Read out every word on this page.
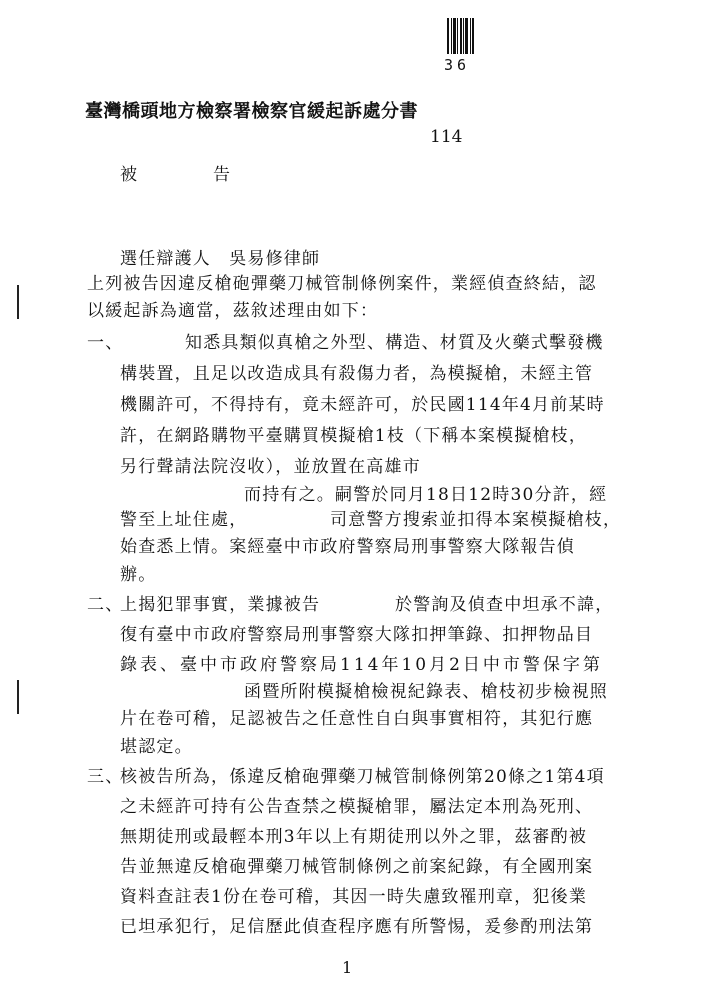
36
臺灣橋頭地方檢察署檢察官緩起訴處分書
114
被　　告
選任辯護人　吳易修律師
上列被告因違反槍砲彈藥刀械管制條例案件，業經偵查終結，認
以緩起訴為適當，茲敘述理由如下：
一、	知悉具類似真槍之外型、構造、材質及火藥式擊發機
構裝置，且足以改造成具有殺傷力者，為模擬槍，未經主管
機關許可，不得持有，竟未經許可，於民國114年4月前某時
許，在網路購物平臺購買模擬槍1枝（下稱本案模擬槍枝，
另行聲請法院沒收），並放置在高雄市
而持有之。嗣警於同月18日12時30分許，經
警至上址住處，	司意警方搜索並扣得本案模擬槍枝，
始查悉上情。案經臺中市政府警察局刑事警察大隊報告偵
辦。
二、
上揭犯罪事實，業據被告	於警詢及偵查中坦承不諱，
復有臺中市政府警察局刑事警察大隊扣押筆錄、扣押物品目
錄表、臺中市政府警察局114年10月2日中市警保字第
函暨所附模擬槍檢視紀錄表、槍枝初步檢視照
片在卷可稽，足認被告之任意性自白與事實相符，其犯行應
堪認定。
三、
核被告所為，係違反槍砲彈藥刀械管制條例第20條之1第4項
之未經許可持有公告查禁之模擬槍罪，屬法定本刑為死刑、
無期徒刑或最輕本刑3年以上有期徒刑以外之罪，茲審酌被
告並無違反槍砲彈藥刀械管制條例之前案紀錄，有全國刑案
資料查註表1份在卷可稽，其因一時失慮致罹刑章，犯後業
已坦承犯行，足信歷此偵查程序應有所警惕，爰參酌刑法第
1
